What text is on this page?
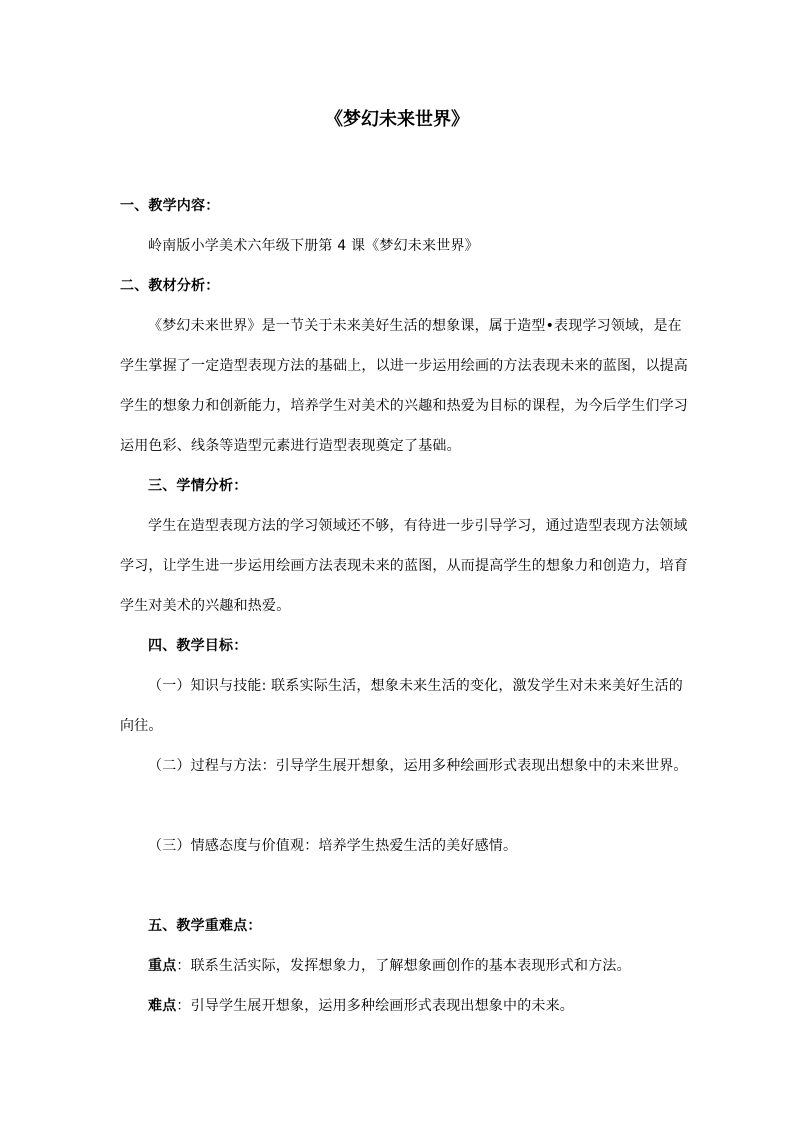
《梦幻未来世界》
一、教学内容：
岭南版小学美术六年级下册第 4 课《梦幻未来世界》
二、教材分析：
《梦幻未来世界》是一节关于未来美好生活的想象课，属于造型•表现学习领域，是在
学生掌握了一定造型表现方法的基础上，以进一步运用绘画的方法表现未来的蓝图，以提高
学生的想象力和创新能力，培养学生对美术的兴趣和热爱为目标的课程，为今后学生们学习
运用色彩、线条等造型元素进行造型表现奠定了基础。
三、学情分析：
学生在造型表现方法的学习领域还不够，有待进一步引导学习，通过造型表现方法领域
学习，让学生进一步运用绘画方法表现未来的蓝图，从而提高学生的想象力和创造力，培育
学生对美术的兴趣和热爱。
四、教学目标：
（一）知识与技能: 联系实际生活，想象未来生活的变化，激发学生对未来美好生活的
向往。
（二）过程与方法：引导学生展开想象，运用多种绘画形式表现出想象中的未来世界。
（三）情感态度与价值观：培养学生热爱生活的美好感情。
五、教学重难点：
重点：联系生活实际，发挥想象力，了解想象画创作的基本表现形式和方法。
难点：引导学生展开想象，运用多种绘画形式表现出想象中的未来。
